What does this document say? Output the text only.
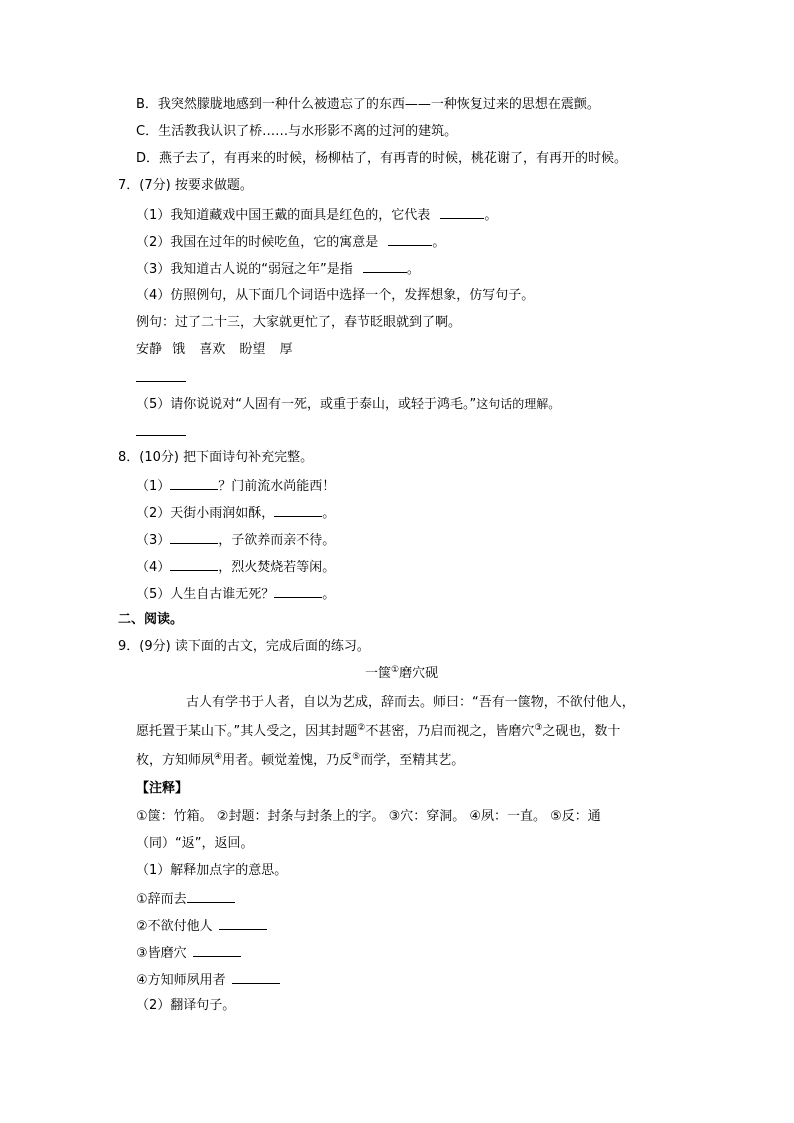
B．我突然朦胧地感到一种什么被遗忘了的东西——一种恢复过来的思想在震颤。
C．生活教我认识了桥……与水形影不离的过河的建筑。
D．燕子去了，有再来的时候，杨柳枯了，有再青的时候，桃花谢了，有再开的时候。
7．(7分) 按要求做题。
（1）我知道藏戏中国王戴的面具是红色的，它代表	。
（2）我国在过年的时候吃鱼，它的寓意是	。
（3）我知道古人说的“弱冠之年”是指	。
（4）仿照例句，从下面几个词语中选择一个，发挥想象，仿写句子。
例句：过了二十三，大家就更忙了，春节眨眼就到了啊。
安静 饿 喜欢 盼望 厚
（5）请你说说对“人固有一死，或重于泰山，或轻于鸿毛。”这句话的理解。
8．(10分) 把下面诗句补充完整。
（1）	？门前流水尚能西！
（2）天街小雨润如酥，	。
（3）	，子欲养而亲不待。
（4）	，烈火焚烧若等闲。
（5）人生自古谁无死？	。
二、阅读。
9．(9分) 读下面的古文，完成后面的练习。
一箧①磨穴砚
古人有学书于人者，自以为艺成，辞而去。师曰：“吾有一箧物，不欲付他人，
愿托置于某山下。”其人受之，因其封题②不甚密，乃启而视之，皆磨穴③之砚也，数十
枚，方知师夙④用者。顿觉羞愧，乃反⑤而学，至精其艺。
【注释】
①箧：竹箱。 ②封题：封条与封条上的字。 ③穴：穿洞。 ④夙：一直。 ⑤反：通
（同）“返”，返回。
（1）解释加点字的意思。
①辞而去
②不欲付他人
③皆磨穴
④方知师夙用者
（2）翻译句子。
